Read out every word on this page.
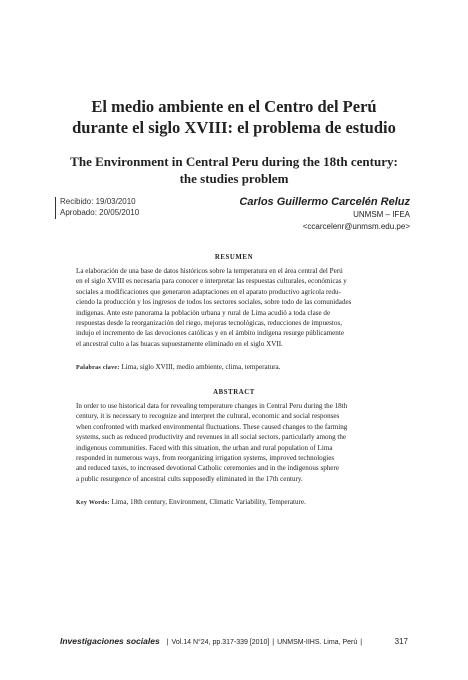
El medio ambiente en el Centro del Perú
durante el siglo XVIII: el problema de estudio
The Environment in Central Peru during the 18th century:
the studies problem
Recibido: 19/03/2010
Aprobado: 20/05/2010
Carlos Guillermo Carcelén Reluz
UNMSM – IFEA
<ccarcelenr@unmsm.edu.pe>
RESUMEN
La elaboración de una base de datos históricos sobre la temperatura en el área central del Perú
en el siglo XVIII es necesaria para conocer e interpretar las respuestas culturales, económicas y
sociales a modificaciones que generaron adaptaciones en el aparato productivo agrícola redu-
ciendo la producción y los ingresos de todos los sectores sociales, sobre todo de las comunidades
indígenas. Ante este panorama la población urbana y rural de Lima acudió a toda clase de
respuestas desde la reorganización del riego, mejoras tecnológicas, reducciones de impuestos,
indujo el incremento de las devociones católicas y en el ámbito indígena resurge públicamente
el ancestral culto a las huacas supuestamente eliminado en el siglo XVII.
Palabras clave: Lima, siglo XVIII, medio ambiente, clima, temperatura.
ABSTRACT
In order to use historical data for revealing temperature changes in Central Peru during the 18th
century, it is necessary to recognize and interpret the cultural, economic and social responses
when confronted with marked environmental fluctuations. These caused changes to the farming
systems, such as reduced productivity and revenues in all social sectors, particularly among the
indigenous communities. Faced with this situation, the urban and rural population of Lima
responded in numerous ways, from reorganizing irrigation systems, improved technologies
and reduced taxes, to increased devotional Catholic ceremonies and in the indigenous sphere
a public resurgence of ancestral cults supposedly eliminated in the 17th century.
Key Words: Lima, 18th century, Environment, Climatic Variability, Temperature.
Investigaciones sociales | Vol.14 N°24, pp.317-339 [2010] | UNMSM-IIHS. Lima, Perú |	317
